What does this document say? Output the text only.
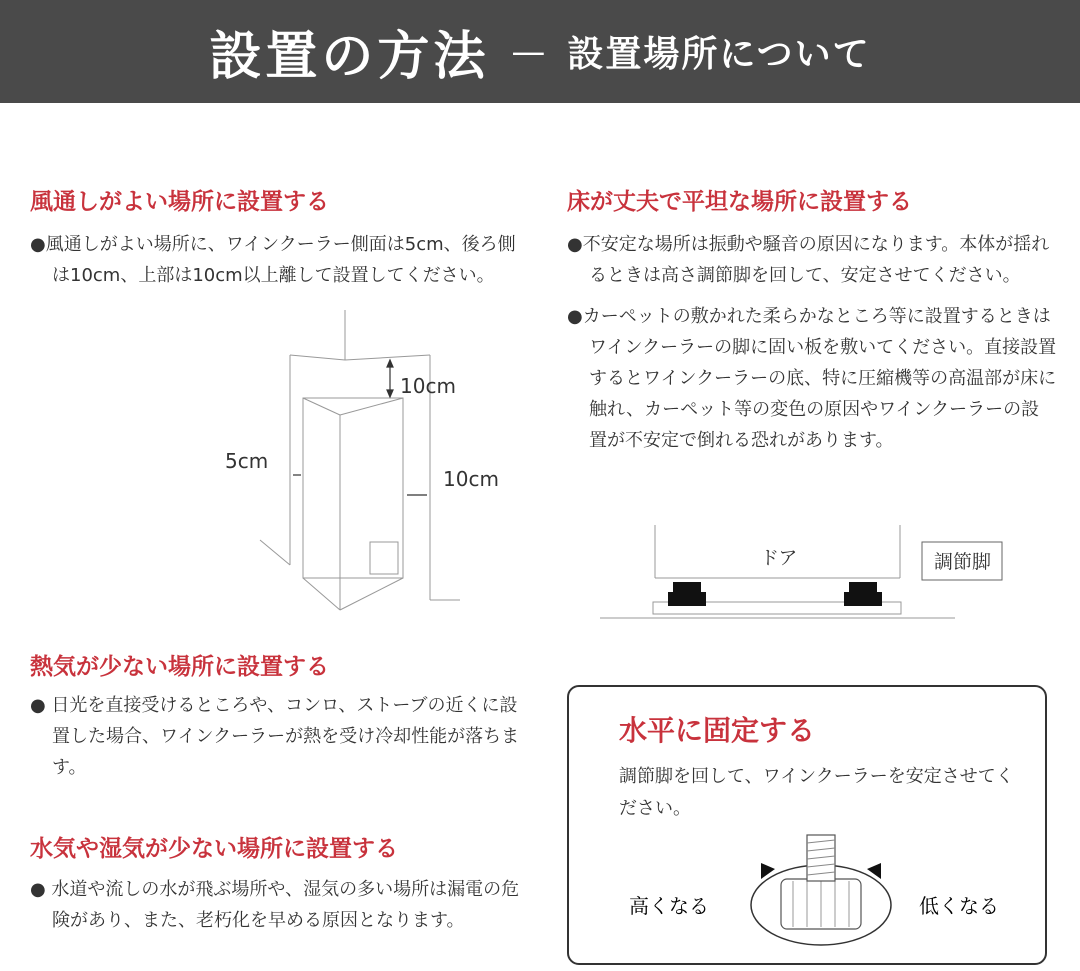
設置の方法 — 設置場所について
風通しがよい場所に設置する

●風通しがよい場所に、ワインクーラー側面は5cm、後ろ側は10cm、上部は10cm以上離して設置してください。

10cm
5cm
10cm
床が丈夫で平坦な場所に設置する

●不安定な場所は振動や騒音の原因になります。本体が揺れるときは高さ調節脚を回して、安定させてください。

●カーペットの敷かれた柔らかなところ等に設置するときはワインクーラーの脚に固い板を敷いてください。直接設置するとワインクーラーの底、特に圧縮機等の高温部が床に触れ、カーペット等の変色の原因やワインクーラーの設置が不安定で倒れる恐れがあります。

ドア	調節脚
熱気が少ない場所に設置する

● 日光を直接受けるところや、コンロ、ストーブの近くに設置した場合、ワインクーラーが熱を受け冷却性能が落ちます。

水気や湿気が少ない場所に設置する

● 水道や流しの水が飛ぶ場所や、湿気の多い場所は漏電の危険があり、また、老朽化を早める原因となります。

水平に固定する
調節脚を回して、ワインクーラーを安定させてください。
高くなる	低くなる
